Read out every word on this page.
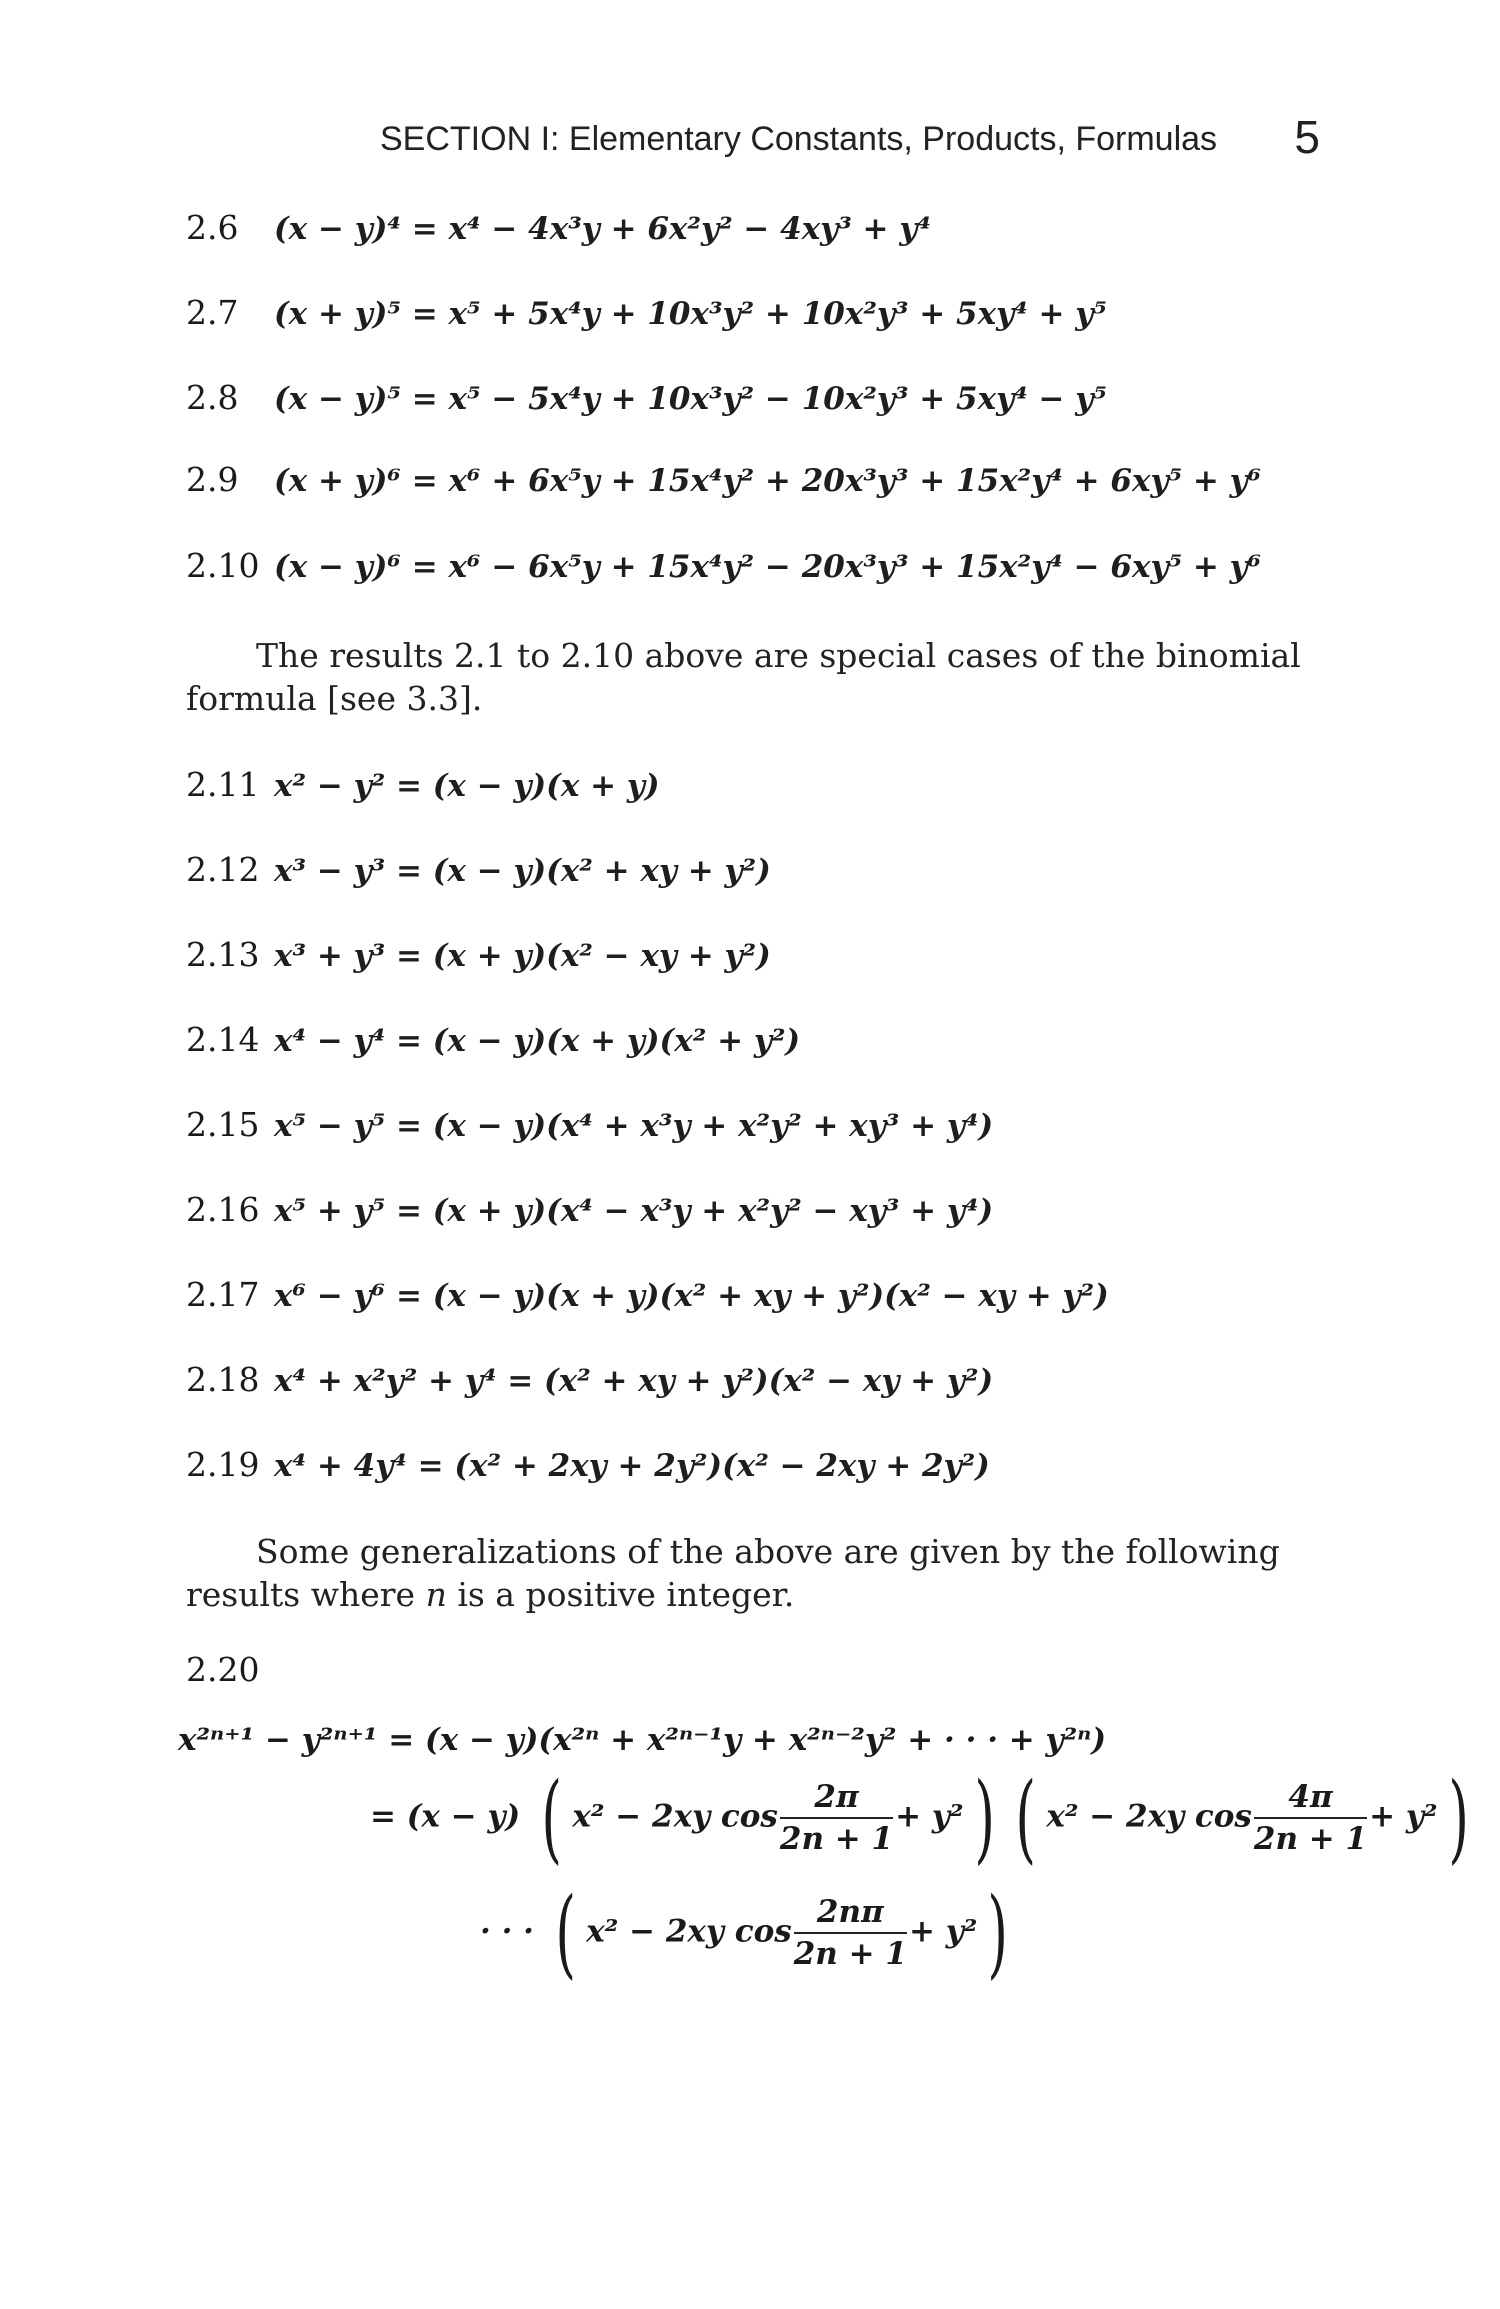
SECTION I: Elementary Constants, Products, Formulas 5
2.6 (x − y)⁴ = x⁴ − 4x³y + 6x²y² − 4xy³ + y⁴
2.7 (x + y)⁵ = x⁵ + 5x⁴y + 10x³y² + 10x²y³ + 5xy⁴ + y⁵
2.8 (x − y)⁵ = x⁵ − 5x⁴y + 10x³y² − 10x²y³ + 5xy⁴ − y⁵
2.9 (x + y)⁶ = x⁶ + 6x⁵y + 15x⁴y² + 20x³y³ + 15x²y⁴ + 6xy⁵ + y⁶
2.10 (x − y)⁶ = x⁶ − 6x⁵y + 15x⁴y² − 20x³y³ + 15x²y⁴ − 6xy⁵ + y⁶
The results 2.1 to 2.10 above are special cases of the binomial
formula [see 3.3].
2.11 x² − y² = (x − y)(x + y)
2.12 x³ − y³ = (x − y)(x² + xy + y²)
2.13 x³ + y³ = (x + y)(x² − xy + y²)
2.14 x⁴ − y⁴ = (x − y)(x + y)(x² + y²)
2.15 x⁵ − y⁵ = (x − y)(x⁴ + x³y + x²y² + xy³ + y⁴)
2.16 x⁵ + y⁵ = (x + y)(x⁴ − x³y + x²y² − xy³ + y⁴)
2.17 x⁶ − y⁶ = (x − y)(x + y)(x² + xy + y²)(x² − xy + y²)
2.18 x⁴ + x²y² + y⁴ = (x² + xy + y²)(x² − xy + y²)
2.19 x⁴ + 4y⁴ = (x² + 2xy + 2y²)(x² − 2xy + 2y²)
Some generalizations of the above are given by the following
results where n is a positive integer.
2.20
x²ⁿ⁺¹ − y²ⁿ⁺¹ = (x − y)(x²ⁿ + x²ⁿ⁻¹y + x²ⁿ⁻²y² + · · · + y²ⁿ)
= (x − y) ( x² − 2xy $\cos \frac{2\pi}{2n + 1} + y^2$ ) ( x² − 2xy $\cos \frac{4\pi}{2n + 1} + y^2$ )
· · · ( x² − 2xy $\cos \frac{2n\pi}{2n + 1} + y^2$ )
